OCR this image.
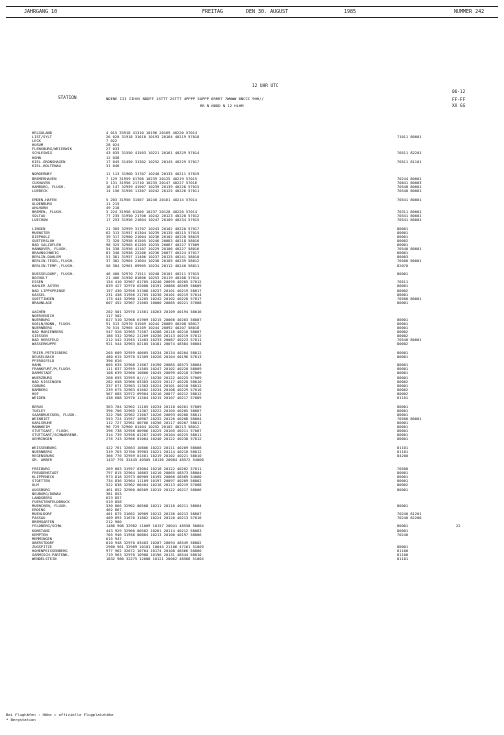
JAHRGANG 10	FREITAG	DEN 30. AUGUST	1985	NUMMER 242
12 UHR UTC
STATION	NDENE III IIHVV NDDFF 1STTT 2STTT 4PPPP 5APPP 6RRRT 7WWWW 8NCCC 9HH//
RR N NDDD N 12 HLHM
06-12
FF-FF
XX GG
HELGOLAND	4 015 33918 41310 10196 20169 40220 57014
LIST/SYLT	26 020 31918 31610 10193 20164 40219 57018	71011 80001
LECK	7 022
HUSUM	28 024
FLENSBURG/WEIERWIK	27 033
SCHLESWIG	43 035 31550 41503 10221 20161 40229 57014	70511 82201
HOHN	12 038
KIEL-GRONSHAGEN	17 045 31450 31302 10252 20145 40229 57017	70511 81101
KIEL-HOLTENAU	31 046
NORDERNEY	11 113 31960 31707 10240 20135 40211 57019
BREMERHAVEN	7 129 31959 61708 10239 20125 40219 57015	70244 80001
CUXHAVEN	5 131 31956 21710 10235 20147 40227 57016	70841 80003
HAMBURG, FLUGH.	16 147 32959 41907 10239 20139 40228 57015	70548 80001
LUEBECK	14 156 31956 11307 10242 20125 40226 57011	70540 80001
EMDEN-HAFEN	5 203 31950 31507 10240 20161 40214 57014	70541 80001
OLDENBURG	11 215
AHLHORN	49 218
BREMEN, FLUGH.	3 224 31956 61206 10237 20128 40220 57014	70311 80001
SOLTAU	77 235 31950 21706 10242 20123 40228 57012	70541 80001
LUECHOW	17 253 31956 21804 10247 20109 40234 57015	70541 80001
LINGEN	21 305 32959 31707 10243 20102 40220 57017	80001
MUENSTER	62 313 31957 61304 10239 20135 40215 57015	80001
DIEPHOLZ	39 317 32960 21004 10236 20102 40220 58019	80001
GUETERSLOH	72 320 32958 61505 10246 20083 40218 58016	80002
BAD SALZUFLEN	98 325 32965 61205 10235 20087 40227 57009	80001
HANNOVER, FLUGH.	54 338 31956 41107 10229 20106 40227 58016	70540 80001
BRAUNSCHWEIG	81 348 32958 22206 10236 20077 40224 57017	80001
BERLIN-DAHLEM	51 381 31957 11406 10237 20125 40241 58010	80003
BERLIN-TEGEL,FLUGH.	37 382 32964 21604 10238 20105 40239 58012	70500 80001
BERLIN-TEMP.,FLUGH.	50 384 32961 09905 10234 20112 40240 58011	82070
DUESSELDORF, FLUGH.	46 400 32970 71511 10240 20101 40211 57015	80001
BOCHOLT	21 406 31950 01806 10253 20119 40208 57014
ESSEN	154 410 32967 61705 10240 20095 40205 57012	70511
KAHLER ASTEN	839 427 32970 62008 10191 20086 48569 58009	80001
BAD LIPPSPRINGE	157 430 32958 51308 10237 20101 40219 58017	80002
KASSEL	231 438 31956 21705 10230 20101 40219 57014	80001
GOETTINGEN	175 444 32960 11205 10242 20102 40220 57017	70500 80001
BRAUNLAGE	607 452 32967 21605 10000 20085 40221 57008	80001
AACHEN	202 501 32970 21501 10263 20109 40194 58016
NOERVENICH	117 502
NUERBURG	627 510 32968 61909 10215 20066 40203 58007	80001
KOELN/BONN, FLUGH.	91 513 32970 51509 10244 20089 40208 58017	80001
NUERNBERG	70 515 32965 42109 10244 20092 40207 58018	80001
BAD MARIENBERG	547 526 32965 71507 10208 20116 40210 58007	80002
GIESSEN	186 532 32962 21209 10236 20113 40219 57012	80002
BAD HERSFELD	212 542 31945 11403 10233 20087 40223 57011	70540 80001
WASSERKUPPE	921 544 32963 02105 10181 20074 48584 50004	80002
TRIER-PETRISBERG	265 609 32959 40605 10234 20134 40204 58012	80001
DEUSELBACH	480 615 32970 51309 10226 20104 40196 57013	80001
PFERDSFELD	396 626
HAHN	805 635 32968 21607 10190 20085 48573 58004	80001
FRANKFURT/M,FLUGH.	111 637 32959 11505 10247 20102 40220 58009	80001
DARMSTADT	108 639 32960 10806 10245 20099 40218 57009	80001
WUERZBURG	268 655 32959 0//// 10230 20122 40225 57009	80001
BAD KISSINGEN	282 658 32960 03303 10225 20117 40228 58010	80002
COBURG	337 671 32963 11303 10224 20101 40218 58012	80001
BAMBERG	239 675 32963 01602 10234 20108 40229 57010	80002
HOF	567 685 32972 09904 10216 20077 40212 58012	80002
WEIDEN	438 688 32970 11504 10215 20107 40217 57009	81101
BERUS	363 704 32962 11105 10234 20110 40201 57009	80001
TUELEY	396 706 32965 11307 10222 20105 40205 58007	80001
SAARBRUECKEN, FLUGH.	322 708 32962 21607 10226 20093 40200 58011	80001
WEINBIET	553 724 31957 10907 10232 20126 40208 58004	70500 80001
KARLSRUHE	112 727 32961 00706 10256 20117 40207 58011	80001
MANNHEIM	96 729 32960 01404 10252 20102 40213 58012	80001
STUTTGART, FLUGH.	396 738 32958 00906 10225 20105 40211 57007	80001
STUTTGART/SCHNARRENB.	314 739 32958 01207 10249 20104 40225 58011	80001
OEHRINGEN	276 743 32966 01004 10240 20122 40238 57012	80001
WEISSENBURG	422 761 32663 10806 10222 20111 40209 58008	81101
NUERNBERG	319 763 32760 39903 10221 20114 40210 58012	81101
REGENSBURG	366 776 32959 01501 10219 20102 40221 58010	84200
GR. ARBER	1437 791 32445 40505 10136 20084 48572 54000
FREIBURG	269 803 31957 03004 10218 20122 40202 57011	70500
FREUDENSTADT	797 815 32964 10803 10210 20065 48573 58004	80001
KLIPPENECK	973 818 32973 00909 10195 20066 48569 54000	80001
STOETTEN	734 836 32964 11109 10197 20097 40209 58002	80001
ULM	522 838 32962 00404 10218 20113 40219 57008	80002
AUGSBURG	461 852 32960 00509 10215 20122 40217 58006	80001
NEUBURG/DONAU	381 853
LANDSBERG	623 857
FUERSTENFELDBRUCK	519 858
MUENCHEN, FLUGH.	530 866 32962 00508 10211 20116 40211 58004	80001
ERDING	462 867
MUEHLDORF	401 875 31662 10909 10212 20136 40213 58007	70240 81201
PASSAU	409 893 31670 31802 10224 20120 40213 57010	70240 82200
BREMGARTEN	212 900
FELDBERG/SCHW.	1486 908 32982 11009 10157 20041 48558 50004	80001	22
KONSTANZ	443 929 32960 00502 10201 20114 40212 58003	80001
KEMPTEN	705 946 31958 00804 10213 20100 40197 58006	70240
MEMMINGEN	615 947
OBERSTDORF	810 948 32970 03403 10207 20094 48549 58002
ZUGSPITZE	2960 961 32989 10101 10044 21106 47161 51009	80001
HOHENPEISSENBERG	977 962 32672 10704 10174 20108 48566 50000	81100
GARMISCH-PARTENK.	719 963 32970 10908 10196 20131 48544 58010	81100
WENDELSTEIN	1832 980 32275 12008 10121 20062 48566 51004	81101
Bei Flughäfen : Höhe = offizielle Flugplatzhöhe
* Bergstation
